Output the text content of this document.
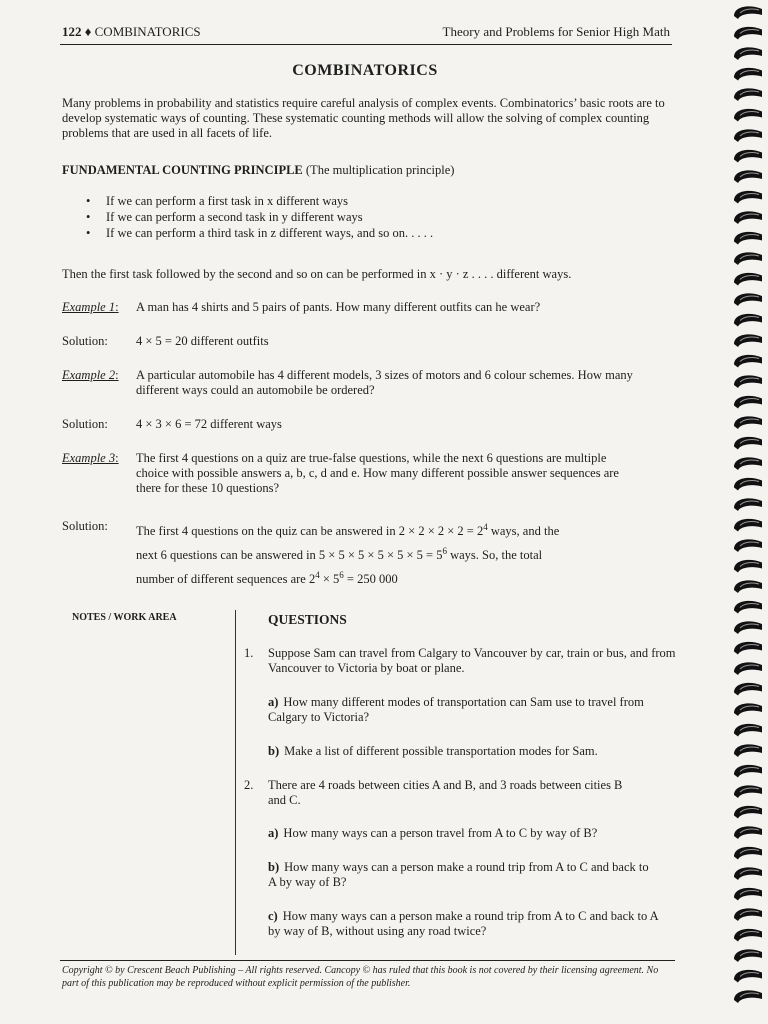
122 ♦ COMBINATORICS	Theory and Problems for Senior High Math
COMBINATORICS
Many problems in probability and statistics require careful analysis of complex events. Combinatorics’ basic roots are to develop systematic ways of counting. These systematic counting methods will allow the solving of complex counting problems that are used in all facets of life.
FUNDAMENTAL COUNTING PRINCIPLE (The multiplication principle)
• If we can perform a first task in x different ways
• If we can perform a second task in y different ways
• If we can perform a third task in z different ways, and so on. . . . .
Then the first task followed by the second and so on can be performed in x · y · z . . . . different ways.
Example 1: A man has 4 shirts and 5 pairs of pants. How many different outfits can he wear?
Solution: 4 × 5 = 20 different outfits
Example 2: A particular automobile has 4 different models, 3 sizes of motors and 6 colour schemes. How many different ways could an automobile be ordered?
Solution: 4 × 3 × 6 = 72 different ways
Example 3: The first 4 questions on a quiz are true-false questions, while the next 6 questions are multiple choice with possible answers a, b, c, d and e. How many different possible answer sequences are there for these 10 questions?
Solution: The first 4 questions on the quiz can be answered in $2 \times 2 \times 2 \times 2 = 2^4$ ways, and the
next 6 questions can be answered in $5 \times 5 \times 5 \times 5 \times 5 \times 5 = 5^6$ ways. So, the total
number of different sequences are $2^4 \times 5^6 = 250$ 000
NOTES / WORK AREA	QUESTIONS
1. Suppose Sam can travel from Calgary to Vancouver by car, train or bus, and from Vancouver to Victoria by boat or plane.
a) How many different modes of transportation can Sam use to travel from Calgary to Victoria?
b) Make a list of different possible transportation modes for Sam.
2. There are 4 roads between cities A and B, and 3 roads between cities B and C.
a) How many ways can a person travel from A to C by way of B?
b) How many ways can a person make a round trip from A to C and back to A by way of B?
c) How many ways can a person make a round trip from A to C and back to A by way of B, without using any road twice?
Copyright © by Crescent Beach Publishing – All rights reserved. Cancopy © has ruled that this book is not covered by their licensing agreement. No part of this publication may be reproduced without explicit permission of the publisher.
